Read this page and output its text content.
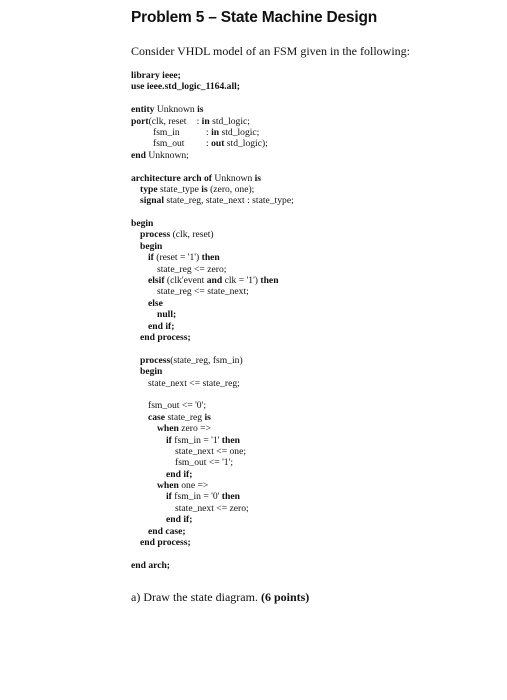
Problem 5 – State Machine Design

Consider VHDL model of an FSM given in the following:

library ieee;
use ieee.std_logic_1164.all;
entity Unknown is
port(clk, reset : in std_logic;
fsm_in	: in std_logic;
fsm_out : out std_logic);
end Unknown;
architecture arch of Unknown is
type state_type is (zero, one);
signal state_reg, state_next : state_type;
begin
process (clk, reset)
begin
if (reset = '1') then
state_reg <= zero;
elsif (clk'event and clk = '1') then
state_reg <= state_next;
else
null;
end if;
end process;
process(state_reg, fsm_in)
begin
state_next <= state_reg;
fsm_out <= '0';
case state_reg is
when zero =>
if fsm_in = '1' then
state_next <= one;
fsm_out <= '1';
end if;
when one =>
if fsm_in = '0' then
state_next <= zero;
end if;
end case;
end process;
end arch;

a) Draw the state diagram. (6 points)
